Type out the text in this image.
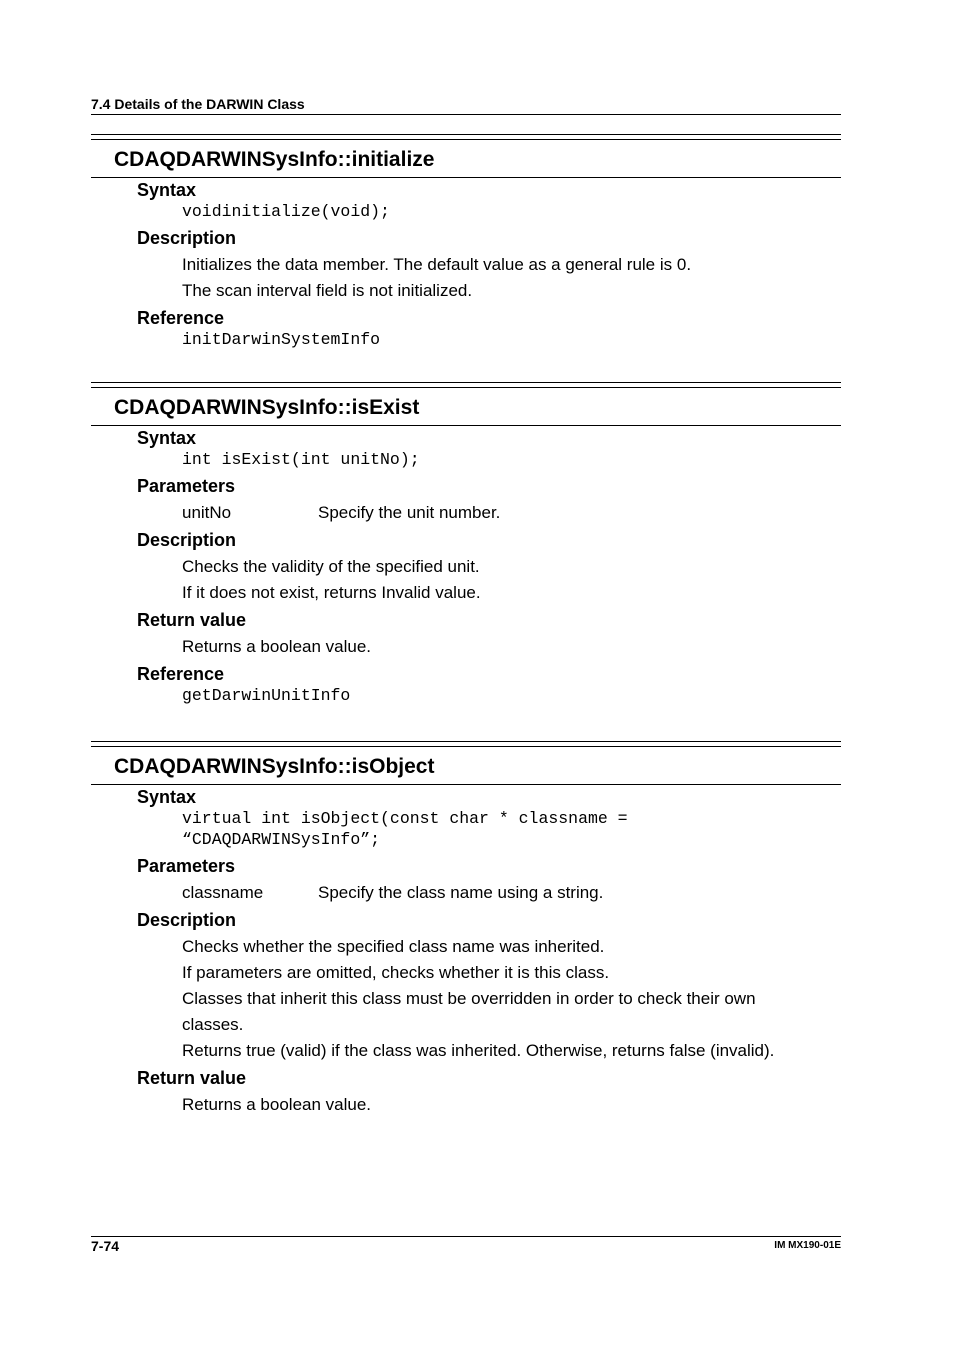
7.4 Details of the DARWIN Class
CDAQDARWINSysInfo::initialize
Syntax
voidinitialize(void);
Description
Initializes the data member. The default value as a general rule is 0.
The scan interval field is not initialized.
Reference
initDarwinSystemInfo
CDAQDARWINSysInfo::isExist
Syntax
int isExist(int unitNo);
Parameters
unitNo	Specify the unit number.
Description
Checks the validity of the specified unit.
If it does not exist, returns Invalid value.
Return value
Returns a boolean value.
Reference
getDarwinUnitInfo
CDAQDARWINSysInfo::isObject
Syntax
virtual int isObject(const char * classname =
“CDAQDARWINSysInfo”;
Parameters
classname	Specify the class name using a string.
Description
Checks whether the specified class name was inherited.
If parameters are omitted, checks whether it is this class.
Classes that inherit this class must be overridden in order to check their own
classes.
Returns true (valid) if the class was inherited. Otherwise, returns false (invalid).
Return value
Returns a boolean value.
7-74	IM MX190-01E
